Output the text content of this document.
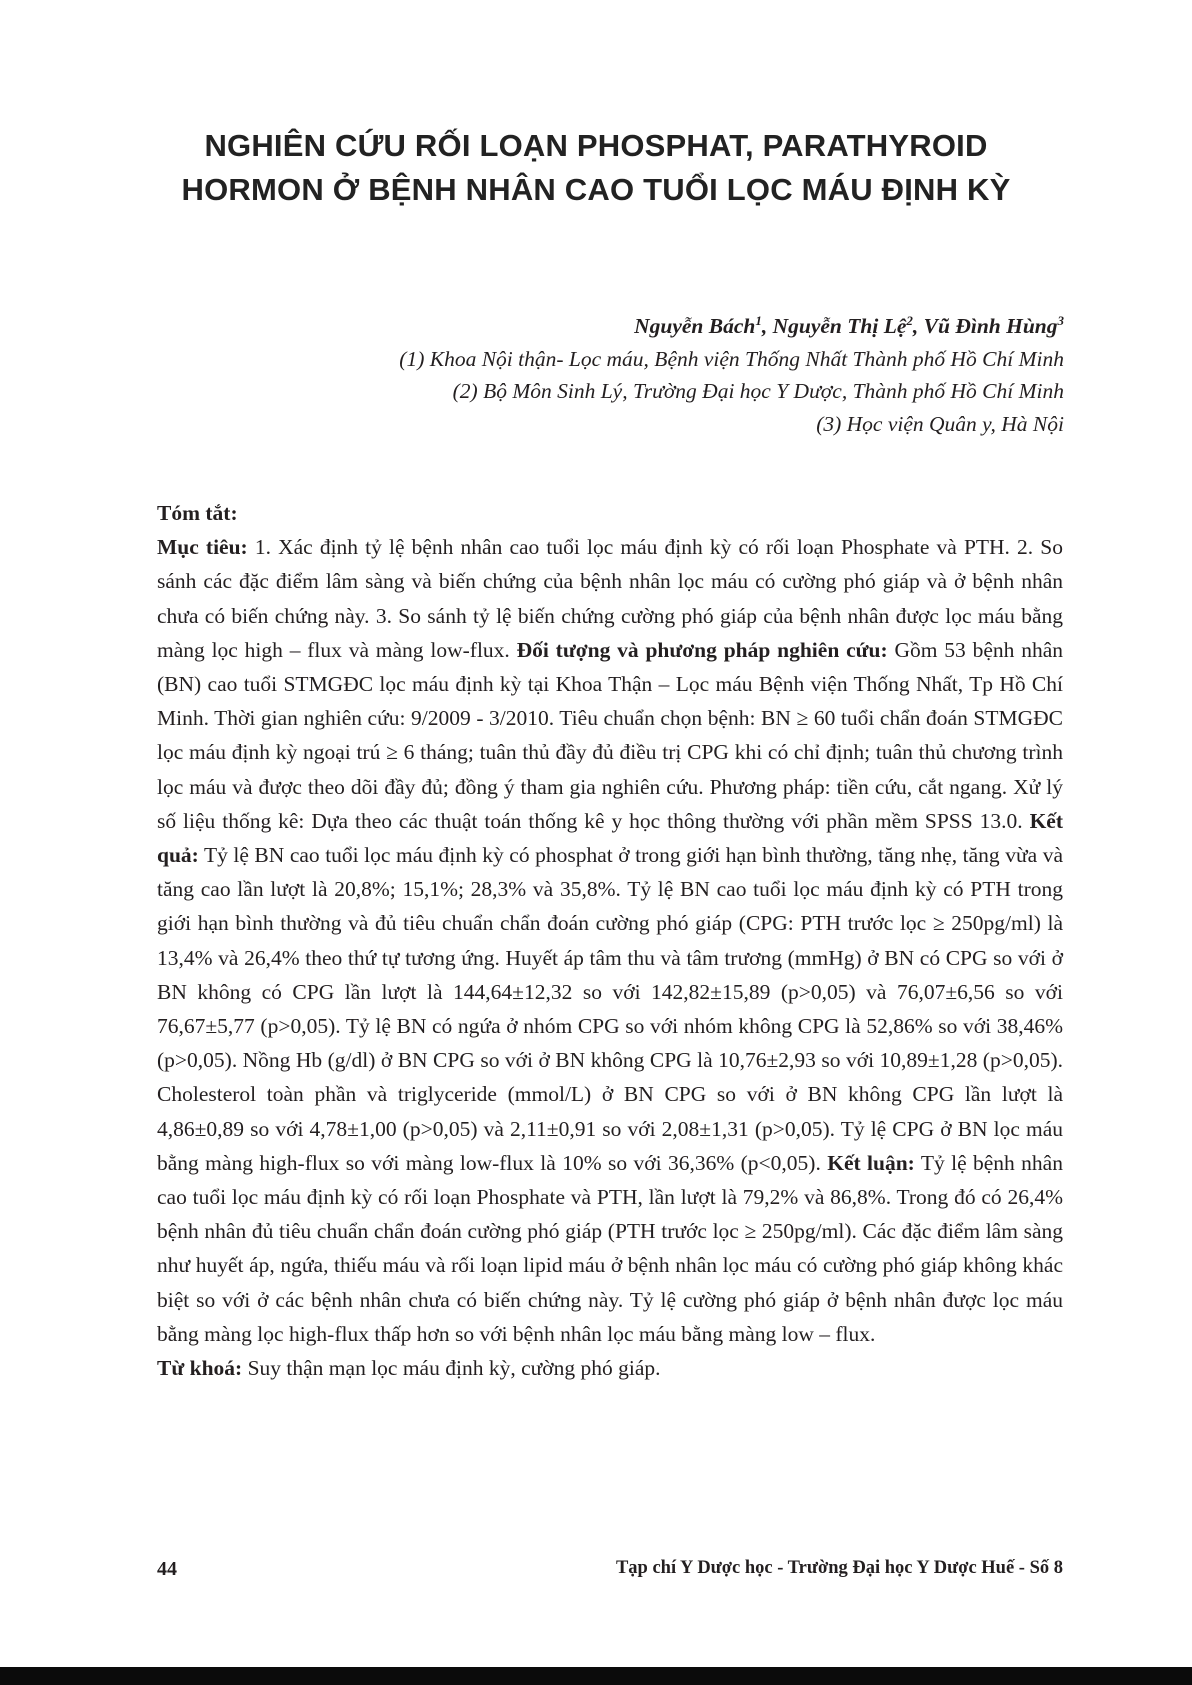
NGHIÊN CỨU RỐI LOẠN PHOSPHAT, PARATHYROID
HORMON Ở BỆNH NHÂN CAO TUỔI LỌC MÁU ĐỊNH KỲ
Nguyễn Bách$^1$, Nguyễn Thị Lệ$^2$, Vũ Đình Hùng$^3$
(1) Khoa Nội thận- Lọc máu, Bệnh viện Thống Nhất Thành phố Hồ Chí Minh
(2) Bộ Môn Sinh Lý, Trường Đại học Y Dược, Thành phố Hồ Chí Minh
(3) Học viện Quân y, Hà Nội

Tóm tắt:

Mục tiêu: 1. Xác định tỷ lệ bệnh nhân cao tuổi lọc máu định kỳ có rối loạn Phosphate và PTH. 2. So sánh các đặc điểm lâm sàng và biến chứng của bệnh nhân lọc máu có cường phó giáp và ở bệnh nhân chưa có biến chứng này. 3. So sánh tỷ lệ biến chứng cường phó giáp của bệnh nhân được lọc máu bằng màng lọc high – flux và màng low-flux. Đối tượng và phương pháp nghiên cứu: Gồm 53 bệnh nhân (BN) cao tuổi STMGĐC lọc máu định kỳ tại Khoa Thận – Lọc máu Bệnh viện Thống Nhất, Tp Hồ Chí Minh. Thời gian nghiên cứu: 9/2009 - 3/2010. Tiêu chuẩn chọn bệnh: BN ≥ 60 tuổi chẩn đoán STMGĐC lọc máu định kỳ ngoại trú ≥ 6 tháng; tuân thủ đầy đủ điều trị CPG khi có chỉ định; tuân thủ chương trình lọc máu và được theo dõi đầy đủ; đồng ý tham gia nghiên cứu. Phương pháp: tiền cứu, cắt ngang. Xử lý số liệu thống kê: Dựa theo các thuật toán thống kê y học thông thường với phần mềm SPSS 13.0. Kết quả: Tỷ lệ BN cao tuổi lọc máu định kỳ có phosphat ở trong giới hạn bình thường, tăng nhẹ, tăng vừa và tăng cao lần lượt là 20,8%; 15,1%; 28,3% và 35,8%. Tỷ lệ BN cao tuổi lọc máu định kỳ có PTH trong giới hạn bình thường và đủ tiêu chuẩn chẩn đoán cường phó giáp (CPG: PTH trước lọc ≥ 250pg/ml) là 13,4% và 26,4% theo thứ tự tương ứng. Huyết áp tâm thu và tâm trương (mmHg) ở BN có CPG so với ở BN không có CPG lần lượt là 144,64±12,32 so với 142,82±15,89 (p>0,05) và 76,07±6,56 so với 76,67±5,77 (p>0,05). Tỷ lệ BN có ngứa ở nhóm CPG so với nhóm không CPG là 52,86% so với 38,46% (p>0,05). Nồng Hb (g/dl) ở BN CPG so với ở BN không CPG là 10,76±2,93 so với 10,89±1,28 (p>0,05). Cholesterol toàn phần và triglyceride (mmol/L) ở BN CPG so với ở BN không CPG lần lượt là 4,86±0,89 so với 4,78±1,00 (p>0,05) và 2,11±0,91 so với 2,08±1,31 (p>0,05). Tỷ lệ CPG ở BN lọc máu bằng màng high-flux so với màng low-flux là 10% so với 36,36% (p<0,05). Kết luận: Tỷ lệ bệnh nhân cao tuổi lọc máu định kỳ có rối loạn Phosphate và PTH, lần lượt là 79,2% và 86,8%. Trong đó có 26,4% bệnh nhân đủ tiêu chuẩn chẩn đoán cường phó giáp (PTH trước lọc ≥ 250pg/ml). Các đặc điểm lâm sàng như huyết áp, ngứa, thiếu máu và rối loạn lipid máu ở bệnh nhân lọc máu có cường phó giáp không khác biệt so với ở các bệnh nhân chưa có biến chứng này. Tỷ lệ cường phó giáp ở bệnh nhân được lọc máu bằng màng lọc high-flux thấp hơn so với bệnh nhân lọc máu bằng màng low – flux.

Từ khoá: Suy thận mạn lọc máu định kỳ, cường phó giáp.

44	Tạp chí Y Dược học - Trường Đại học Y Dược Huế - Số 8
